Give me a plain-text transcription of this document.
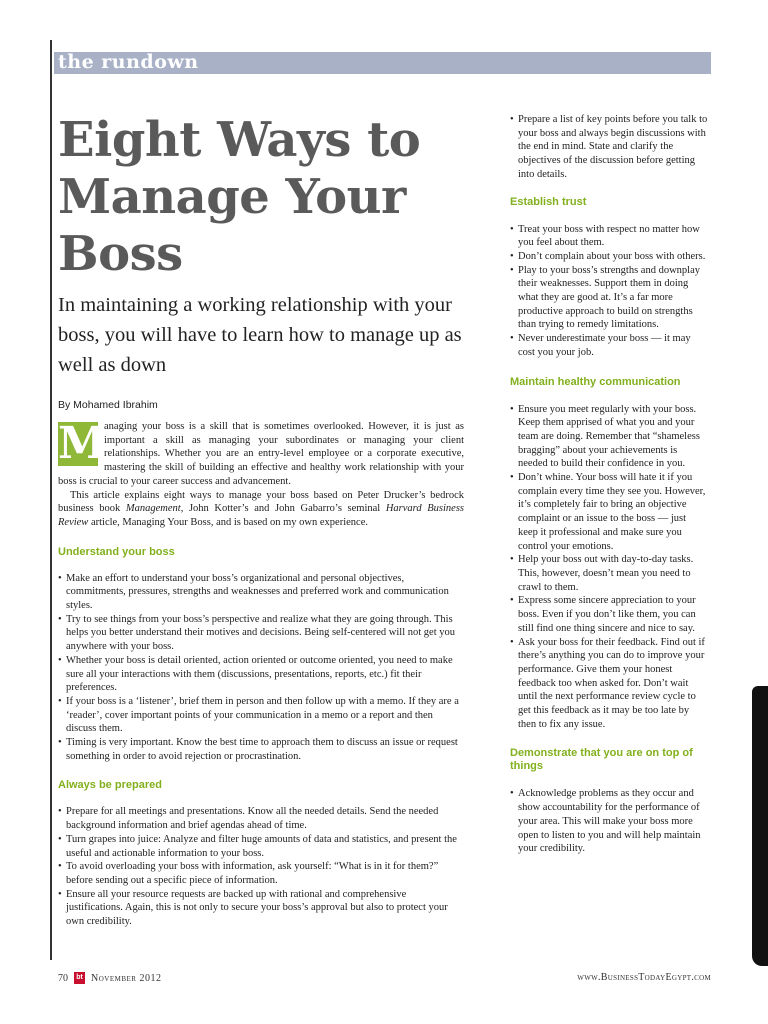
the rundown
Eight Ways to Manage Your Boss

In maintaining a working relationship with your boss, you will have to learn how to manage up as well as down

By Mohamed Ibrahim

M
anaging your boss is a skill that is sometimes overlooked. However, it is just as important a skill as managing your subordinates or managing your client relationships. Whether you are an entry-level employee or a corporate executive, mastering the skill of building an effective and healthy work relationship with your boss is crucial to your career success and advancement.

This article explains eight ways to manage your boss based on Peter Drucker’s bedrock business book Management, John Kotter’s and John Gabarro’s seminal Harvard Business Review article, Managing Your Boss, and is based on my own experience.

Understand your boss
• Make an effort to understand your boss’s organizational and personal objectives, commitments, pressures, strengths and weaknesses and preferred work and communication styles.
• Try to see things from your boss’s perspective and realize what they are going through. This helps you better understand their motives and decisions. Being self-centered will not get you anywhere with your boss.
• Whether your boss is detail oriented, action oriented or outcome oriented, you need to make sure all your interactions with them (discussions, presentations, reports, etc.) fit their preferences.
• If your boss is a ‘listener’, brief them in person and then follow up with a memo. If they are a ‘reader’, cover important points of your communication in a memo or a report and then discuss them.
• Timing is very important. Know the best time to approach them to discuss an issue or request something in order to avoid rejection or procrastination.
Always be prepared
• Prepare for all meetings and presentations. Know all the needed details. Send the needed background information and brief agendas ahead of time.
• Turn grapes into juice: Analyze and filter huge amounts of data and statistics, and present the useful and actionable information to your boss.
• To avoid overloading your boss with information, ask yourself: “What is in it for them?” before sending out a specific piece of information.
• Ensure all your resource requests are backed up with rational and comprehensive justifications. Again, this is not only to secure your boss’s approval but also to protect your own credibility.
• Prepare a list of key points before you talk to your boss and always begin discussions with the end in mind. State and clarify the objectives of the discussion before getting into details.
Establish trust
• Treat your boss with respect no matter how you feel about them.
• Don’t complain about your boss with others.
• Play to your boss’s strengths and downplay their weaknesses. Support them in doing what they are good at. It’s a far more productive approach to build on strengths than trying to remedy limitations.
• Never underestimate your boss — it may cost you your job.
Maintain healthy communication
• Ensure you meet regularly with your boss. Keep them apprised of what you and your team are doing. Remember that “shameless bragging” about your achievements is needed to build their confidence in you.
• Don’t whine. Your boss will hate it if you complain every time they see you. However, it’s completely fair to bring an objective complaint or an issue to the boss — just keep it professional and make sure you control your emotions.
• Help your boss out with day-to-day tasks. This, however, doesn’t mean you need to crawl to them.
• Express some sincere appreciation to your boss. Even if you don’t like them, you can still find one thing sincere and nice to say.
• Ask your boss for their feedback. Find out if there’s anything you can do to improve your performance. Give them your honest feedback too when asked for. Don’t wait until the next performance review cycle to get this feedback as it may be too late by then to fix any issue.
Demonstrate that you are on top of things
• Acknowledge problems as they occur and show accountability for the performance of your area. This will make your boss more open to listen to you and will help maintain your credibility.
70	bt November 2012	www.BusinessTodayEgypt.com
